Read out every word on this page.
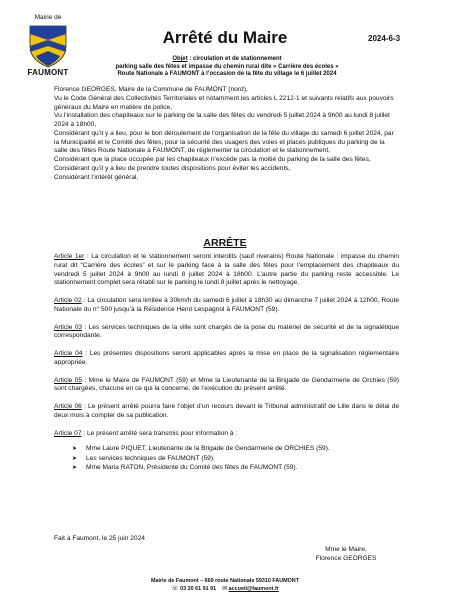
Mairie de
FAUMONT
Arrêté du Maire	2024-6-3
Objet : circulation et de stationnement
parking salle des fêtes et impasse du chemin rural dite « Carrière des écoles »
Route Nationale à FAUMONT à l’occasion de la fête du village le 6 juillet 2024

Florence GEORGES, Maire de la Commune de FAUMONT (nord),

Vu le Code Général des Collectivités Territoriales et notamment les articles L 2212-1 et suivants relatifs aux pouvoirs généraux du Maire en matière de police,

Vu l’installation des chapiteaux sur le parking de la salle des fêtes du vendredi 5 juillet 2024 à 9h00 au lundi 8 juillet 2024 à 18h00,

Considérant qu’il y a lieu, pour le bon déroulement de l’organisation de la fête du village du samedi 6 juillet 2024, par la Municipalité et le Comité des fêtes, pour la sécurité des usagers des voies et places publiques du parking de la salle des fêtes Route Nationale à FAUMONT, de réglementer la circulation et le stationnement,

Considérant que la place occupée par les chapiteaux n’excède pas la moitié du parking de la salle des fêtes,

Considérant qu’il y a lieu de prendre toutes dispositions pour éviter les accidents,

Considérant l’intérêt général,

ARRÊTE

Article 1er : La circulation et le stationnement seront interdits (sauf riverains) Route Nationale : impasse du chemin rural dit “Carrière des écoles” et sur le parking face à la salle des fêtes pour l’emplacement des chapiteaux du vendredi 5 juillet 2024 à 9h00 au lundi 8 juillet 2024 à 18h00. L’autre partie du parking reste accessible. Le stationnement complet sera rétabli sur le parking le lundi 8 juillet après le nettoyage.

Article 02 : La circulation sera limitée à 30km/h du samedi 6 juillet à 18h30 au dimanche 7 juillet 2024 à 12h00, Route Nationale du n° 500 jusqu’à la Résidence Henri Lespagnol à FAUMONT (59).

Article 03 : Les services techniques de la ville sont chargés de la pose du matériel de sécurité et de la signalétique correspondante.

Article 04 : Les présentes dispositions seront applicables après la mise en place de la signalisation réglementaire appropriée.

Article 05 : Mme le Maire de FAUMONT (59) et Mme la Lieutenante de la Brigade de Gendarmerie de Orchies (59) sont chargées, chacune en ce qui la concerne, de l’exécution du présent arrêté.

Article 06 : Le présent arrêté pourra faire l’objet d’un recours devant le Tribunal administratif de Lille dans le délai de deux mois à compter de sa publication.

Article 07 : Le présent arrêté sera transmis pour information à :

➤ Mme Laure PIQUET, Lieutenante de la Brigade de Gendarmerie de ORCHIES (59).
➤ Les services techniques de FAUMONT (59).
➤ Mme Maria RATON, Présidente du Comité des fêtes de FAUMONT (59).
Fait à Faumont, le 25 juin 2024
Mme le Maire,
Florence GEORGES
Mairie de Faumont – 660 route Nationale 59310 FAUMONT
☏ 03 20 61 91 91 ✉ accueil@faumont.fr
